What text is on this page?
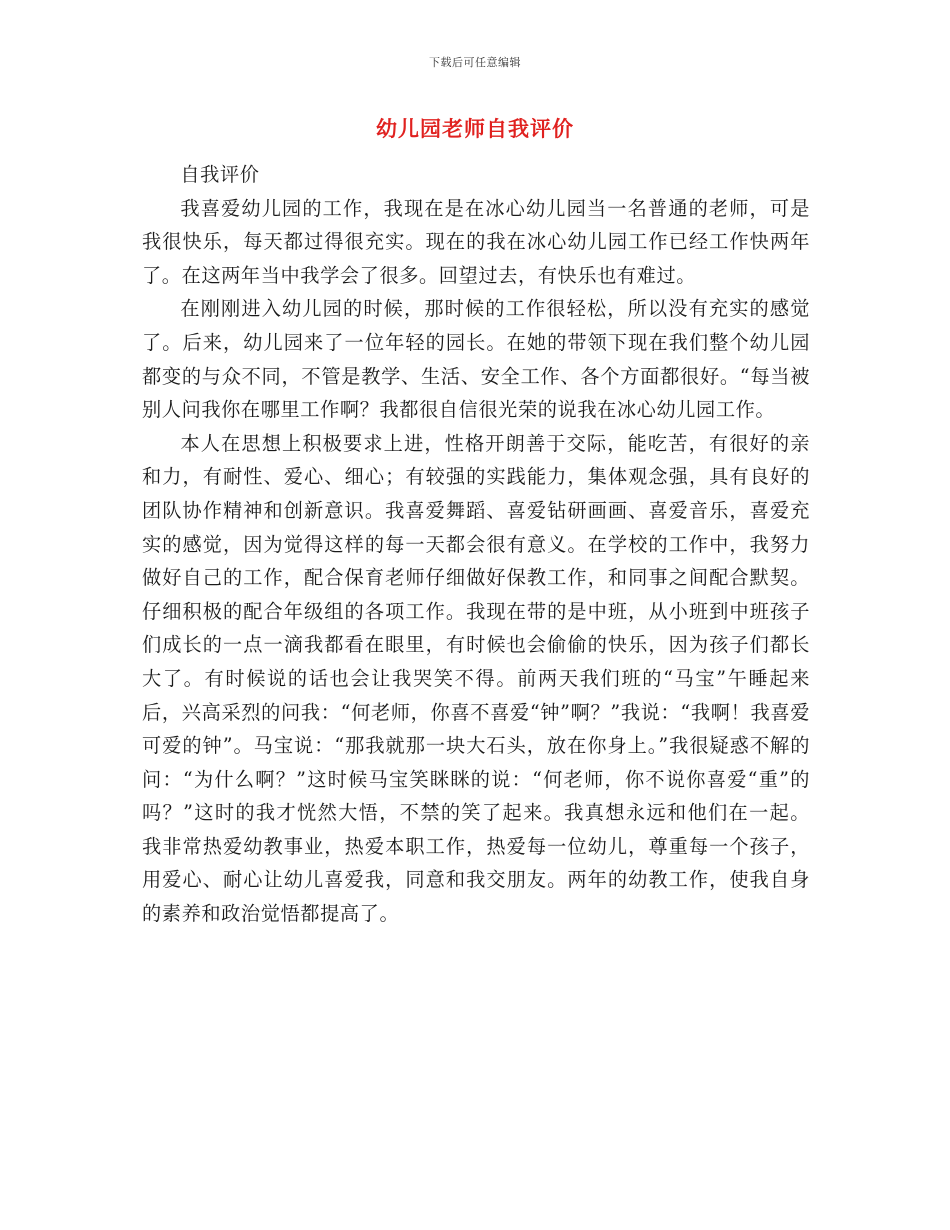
下载后可任意编辑
幼儿园老师自我评价

自我评价

我喜爱幼儿园的工作，我现在是在冰心幼儿园当一名普通的老师，可是我很快乐，每天都过得很充实。现在的我在冰心幼儿园工作已经工作快两年了。在这两年当中我学会了很多。回望过去，有快乐也有难过。

在刚刚进入幼儿园的时候，那时候的工作很轻松，所以没有充实的感觉了。后来，幼儿园来了一位年轻的园长。在她的带领下现在我们整个幼儿园都变的与众不同，不管是教学、生活、安全工作、各个方面都很好。“每当被别人问我你在哪里工作啊？我都很自信很光荣的说我在冰心幼儿园工作。

本人在思想上积极要求上进，性格开朗善于交际，能吃苦，有很好的亲和力，有耐性、爱心、细心；有较强的实践能力，集体观念强，具有良好的团队协作精神和创新意识。我喜爱舞蹈、喜爱钻研画画、喜爱音乐，喜爱充实的感觉，因为觉得这样的每一天都会很有意义。在学校的工作中，我努力做好自己的工作，配合保育老师仔细做好保教工作，和同事之间配合默契。仔细积极的配合年级组的各项工作。我现在带的是中班，从小班到中班孩子们成长的一点一滴我都看在眼里，有时候也会偷偷的快乐，因为孩子们都长大了。有时候说的话也会让我哭笑不得。前两天我们班的“马宝”午睡起来后，兴高采烈的问我：“何老师，你喜不喜爱“钟”啊？”我说：“我啊！我喜爱可爱的钟”。马宝说：“那我就那一块大石头，放在你身上。”我很疑惑不解的问：“为什么啊？”这时候马宝笑眯眯的说：“何老师，你不说你喜爱“重”的吗？”这时的我才恍然大悟，不禁的笑了起来。我真想永远和他们在一起。 我非常热爱幼教事业，热爱本职工作，热爱每一位幼儿，尊重每一个孩子，用爱心、耐心让幼儿喜爱我，同意和我交朋友。两年的幼教工作，使我自身的素养和政治觉悟都提高了。
